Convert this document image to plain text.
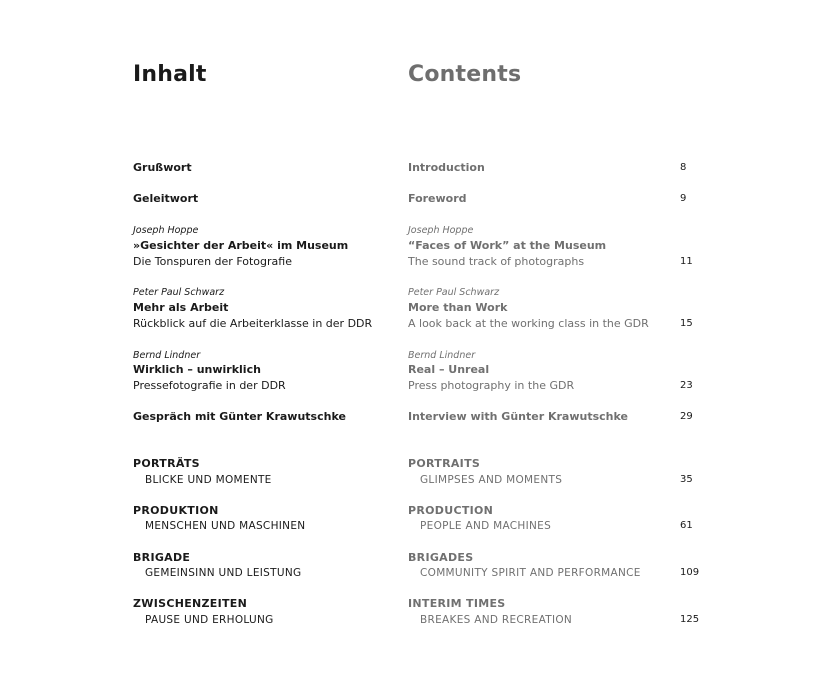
Inhalt	Contents
Grußwort	Introduction	8
Geleitwort	Foreword	9
Joseph Hoppe	Joseph Hoppe
»Gesichter der Arbeit« im Museum	“Faces of Work” at the Museum
Die Tonspuren der Fotografie	The sound track of photographs	11
Peter Paul Schwarz	Peter Paul Schwarz
Mehr als Arbeit	More than Work
Rückblick auf die Arbeiterklasse in der DDR	A look back at the working class in the GDR	15
Bernd Lindner	Bernd Lindner
Wirklich – unwirklich	Real – Unreal
Pressefotografie in der DDR	Press photography in the GDR	23
Gespräch mit Günter Krawutschke	Interview with Günter Krawutschke	29
PORTRÄTS	PORTRAITS
BLICKE UND MOMENTE	GLIMPSES AND MOMENTS	35
PRODUKTION	PRODUCTION
MENSCHEN UND MASCHINEN	PEOPLE AND MACHINES	61
BRIGADE	BRIGADES
GEMEINSINN UND LEISTUNG	COMMUNITY SPIRIT AND PERFORMANCE	109
ZWISCHENZEITEN	INTERIM TIMES
PAUSE UND ERHOLUNG	BREAKES AND RECREATION	125
